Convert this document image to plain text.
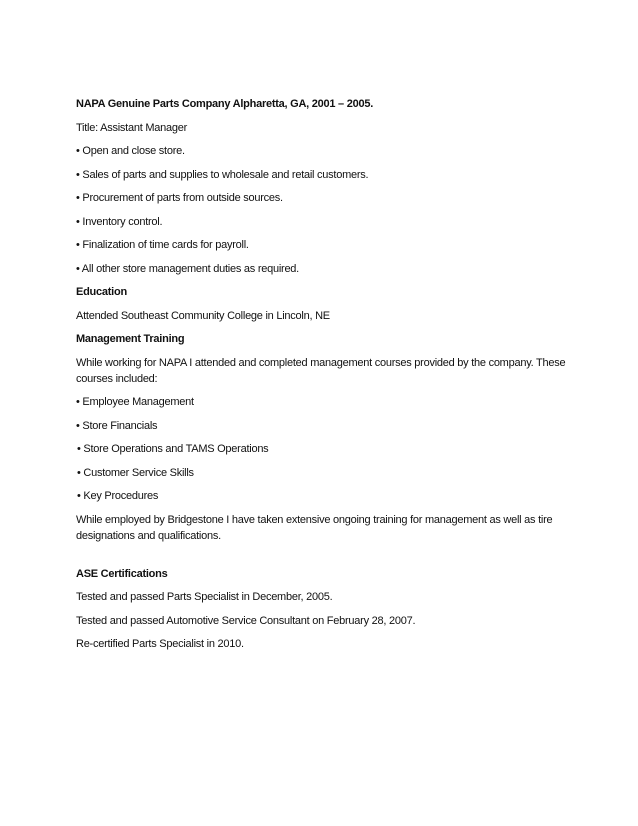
NAPA Genuine Parts Company Alpharetta, GA, 2001 – 2005.

Title: Assistant Manager

• Open and close store.

• Sales of parts and supplies to wholesale and retail customers.

• Procurement of parts from outside sources.

• Inventory control.

• Finalization of time cards for payroll.

• All other store management duties as required.

Education

Attended Southeast Community College in Lincoln, NE

Management Training

While working for NAPA I attended and completed management courses provided by the company. These courses included:

• Employee Management

• Store Financials

• Store Operations and TAMS Operations

• Customer Service Skills

• Key Procedures

While employed by Bridgestone I have taken extensive ongoing training for management as well as tire designations and qualifications.

ASE Certifications

Tested and passed Parts Specialist in December, 2005.

Tested and passed Automotive Service Consultant on February 28, 2007.

Re-certified Parts Specialist in 2010.
